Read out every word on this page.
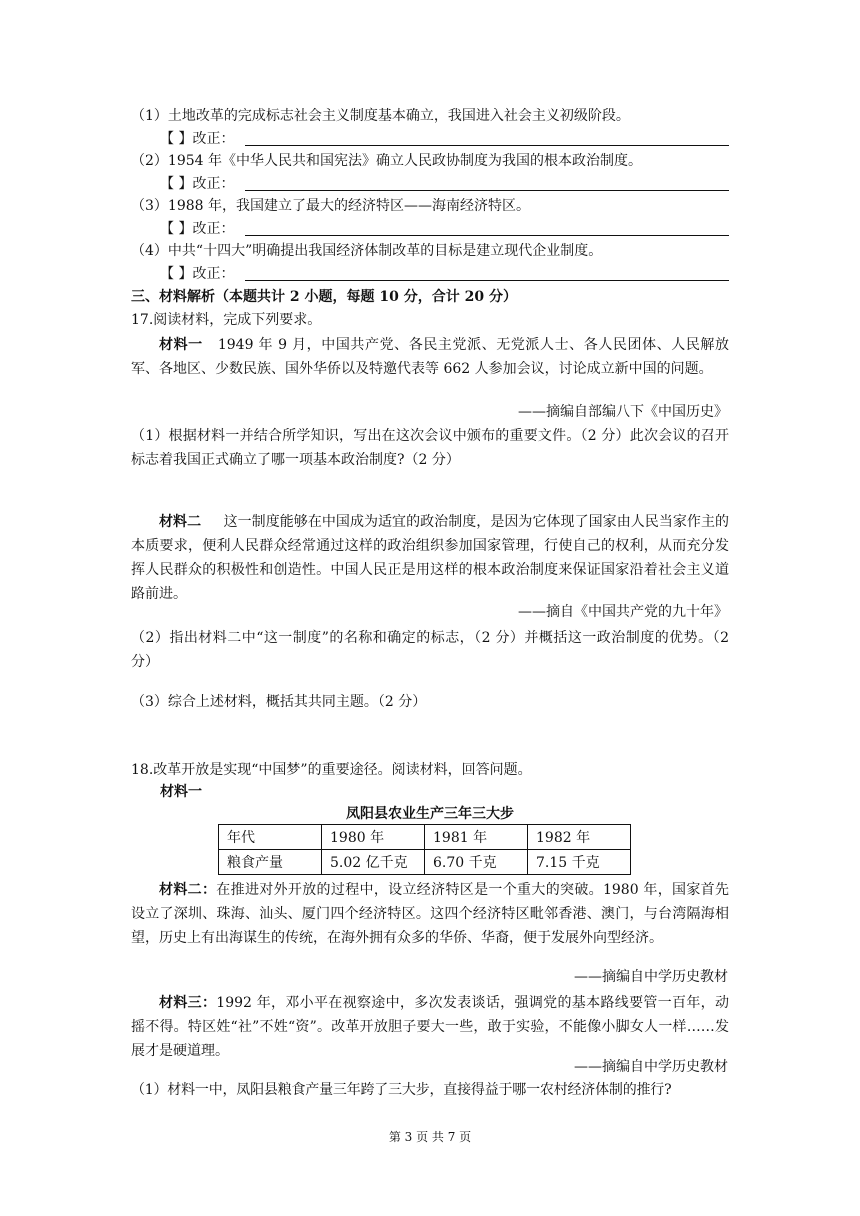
（1）土地改革的完成标志社会主义制度基本确立，我国进入社会主义初级阶段。
【 】改正：
（2）1954 年《中华人民共和国宪法》确立人民政协制度为我国的根本政治制度。
【 】改正：
（3）1988 年，我国建立了最大的经济特区——海南经济特区。
【 】改正：
（4）中共“十四大”明确提出我国经济体制改革的目标是建立现代企业制度。
【 】改正：
三、材料解析（本题共计 2 小题，每题 10 分，合计 20 分）
17.阅读材料，完成下列要求。

材料一 1949 年 9 月，中国共产党、各民主党派、无党派人士、各人民团体、人民解放军、各地区、少数民族、国外华侨以及特邀代表等 662 人参加会议，讨论成立新中国的问题。

——摘编自部编八下《中国历史》
（1）根据材料一并结合所学知识，写出在这次会议中颁布的重要文件。（2 分）此次会议的召开标志着我国正式确立了哪一项基本政治制度?（2 分）

材料二 这一制度能够在中国成为适宜的政治制度，是因为它体现了国家由人民当家作主的本质要求，便利人民群众经常通过这样的政治组织参加国家管理，行使自己的权利，从而充分发挥人民群众的积极性和创造性。中国人民正是用这样的根本政治制度来保证国家沿着社会主义道路前进。

——摘自《中国共产党的九十年》
（2）指出材料二中“这一制度”的名称和确定的标志，（2 分）并概括这一政治制度的优势。（2 分）
（3）综合上述材料，概括其共同主题。（2 分）
18.改革开放是实现“中国梦”的重要途径。阅读材料，回答问题。
材料一
凤阳县农业生产三年三大步
年代	1980 年	1981 年	1982 年
粮食产量	5.02 亿千克	6.70 千克	7.15 千克

材料二：在推进对外开放的过程中，设立经济特区是一个重大的突破。1980 年，国家首先设立了深圳、珠海、汕头、厦门四个经济特区。这四个经济特区毗邻香港、澳门，与台湾隔海相望，历史上有出海谋生的传统，在海外拥有众多的华侨、华裔，便于发展外向型经济。

——摘编自中学历史教材

材料三：1992 年，邓小平在视察途中，多次发表谈话，强调党的基本路线要管一百年，动摇不得。特区姓“社”不姓“资”。改革开放胆子要大一些，敢于实验，不能像小脚女人一样……发展才是硬道理。

——摘编自中学历史教材
（1）材料一中，凤阳县粮食产量三年跨了三大步，直接得益于哪一农村经济体制的推行?
第 3 页 共 7 页
